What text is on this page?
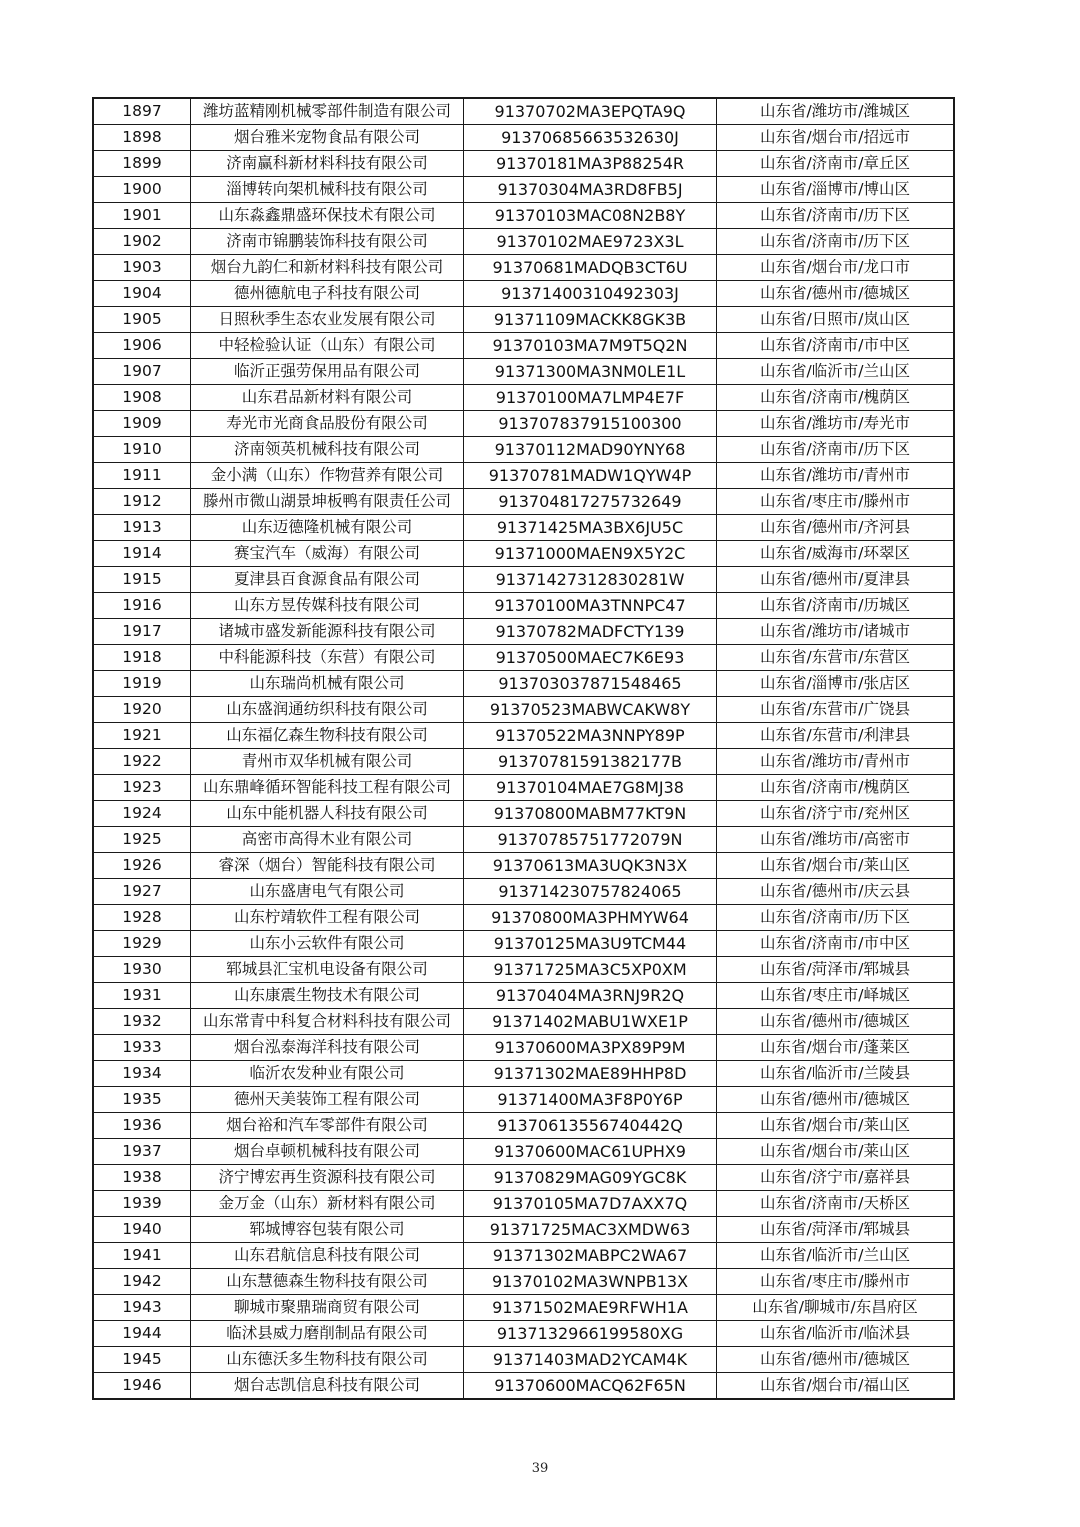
1897	潍坊蓝精刚机械零部件制造有限公司	91370702MA3EPQTA9Q	山东省/潍坊市/潍城区
1898	烟台雅米宠物食品有限公司	91370685663532630J	山东省/烟台市/招远市
1899	济南赢科新材料科技有限公司	91370181MA3P88254R	山东省/济南市/章丘区
1900	淄博转向架机械科技有限公司	91370304MA3RD8FB5J	山东省/淄博市/博山区
1901	山东淼鑫鼎盛环保技术有限公司	91370103MAC08N2B8Y	山东省/济南市/历下区
1902	济南市锦鹏装饰科技有限公司	91370102MAE9723X3L	山东省/济南市/历下区
1903	烟台九韵仁和新材料科技有限公司	91370681MADQB3CT6U	山东省/烟台市/龙口市
1904	德州德航电子科技有限公司	91371400310492303J	山东省/德州市/德城区
1905	日照秋季生态农业发展有限公司	91371109MACKK8GK3B	山东省/日照市/岚山区
1906	中轻检验认证（山东）有限公司	91370103MA7M9T5Q2N	山东省/济南市/市中区
1907	临沂正强劳保用品有限公司	91371300MA3NM0LE1L	山东省/临沂市/兰山区
1908	山东君品新材料有限公司	91370100MA7LMP4E7F	山东省/济南市/槐荫区
1909	寿光市光商食品股份有限公司	913707837915100300	山东省/潍坊市/寿光市
1910	济南领英机械科技有限公司	91370112MAD90YNY68	山东省/济南市/历下区
1911	金小满（山东）作物营养有限公司	91370781MADW1QYW4P	山东省/潍坊市/青州市
1912	滕州市微山湖景坤板鸭有限责任公司	913704817275732649	山东省/枣庄市/滕州市
1913	山东迈德隆机械有限公司	91371425MA3BX6JU5C	山东省/德州市/齐河县
1914	赛宝汽车（威海）有限公司	91371000MAEN9X5Y2C	山东省/威海市/环翠区
1915	夏津县百食源食品有限公司	91371427312830281W	山东省/德州市/夏津县
1916	山东方昱传媒科技有限公司	91370100MA3TNNPC47	山东省/济南市/历城区
1917	诸城市盛发新能源科技有限公司	91370782MADFCTY139	山东省/潍坊市/诸城市
1918	中科能源科技（东营）有限公司	91370500MAEC7K6E93	山东省/东营市/东营区
1919	山东瑞尚机械有限公司	913703037871548465	山东省/淄博市/张店区
1920	山东盛润通纺织科技有限公司	91370523MABWCAKW8Y	山东省/东营市/广饶县
1921	山东福亿森生物科技有限公司	91370522MA3NNPY89P	山东省/东营市/利津县
1922	青州市双华机械有限公司	91370781591382177B	山东省/潍坊市/青州市
1923	山东鼎峰循环智能科技工程有限公司	91370104MAE7G8MJ38	山东省/济南市/槐荫区
1924	山东中能机器人科技有限公司	91370800MABM77KT9N	山东省/济宁市/兖州区
1925	高密市高得木业有限公司	91370785751772079N	山东省/潍坊市/高密市
1926	睿深（烟台）智能科技有限公司	91370613MA3UQK3N3X	山东省/烟台市/莱山区
1927	山东盛唐电气有限公司	913714230757824065	山东省/德州市/庆云县
1928	山东柠靖软件工程有限公司	91370800MA3PHMYW64	山东省/济南市/历下区
1929	山东小云软件有限公司	91370125MA3U9TCM44	山东省/济南市/市中区
1930	郓城县汇宝机电设备有限公司	91371725MA3C5XP0XM	山东省/菏泽市/郓城县
1931	山东康震生物技术有限公司	91370404MA3RNJ9R2Q	山东省/枣庄市/峄城区
1932	山东常青中科复合材料科技有限公司	91371402MABU1WXE1P	山东省/德州市/德城区
1933	烟台泓泰海洋科技有限公司	91370600MA3PX89P9M	山东省/烟台市/蓬莱区
1934	临沂农发种业有限公司	91371302MAE89HHP8D	山东省/临沂市/兰陵县
1935	德州天美装饰工程有限公司	91371400MA3F8P0Y6P	山东省/德州市/德城区
1936	烟台裕和汽车零部件有限公司	91370613556740442Q	山东省/烟台市/莱山区
1937	烟台卓顿机械科技有限公司	91370600MAC61UPHX9	山东省/烟台市/莱山区
1938	济宁博宏再生资源科技有限公司	91370829MAG09YGC8K	山东省/济宁市/嘉祥县
1939	金万金（山东）新材料有限公司	91370105MA7D7AXX7Q	山东省/济南市/天桥区
1940	郓城博容包装有限公司	91371725MAC3XMDW63	山东省/菏泽市/郓城县
1941	山东君航信息科技有限公司	91371302MABPC2WA67	山东省/临沂市/兰山区
1942	山东慧德森生物科技有限公司	91370102MA3WNPB13X	山东省/枣庄市/滕州市
1943	聊城市聚鼎瑞商贸有限公司	91371502MAE9RFWH1A	山东省/聊城市/东昌府区
1944	临沭县威力磨削制品有限公司	9137132966199580XG	山东省/临沂市/临沭县
1945	山东德沃多生物科技有限公司	91371403MAD2YCAM4K	山东省/德州市/德城区
1946	烟台志凯信息科技有限公司	91370600MACQ62F65N	山东省/烟台市/福山区
39
